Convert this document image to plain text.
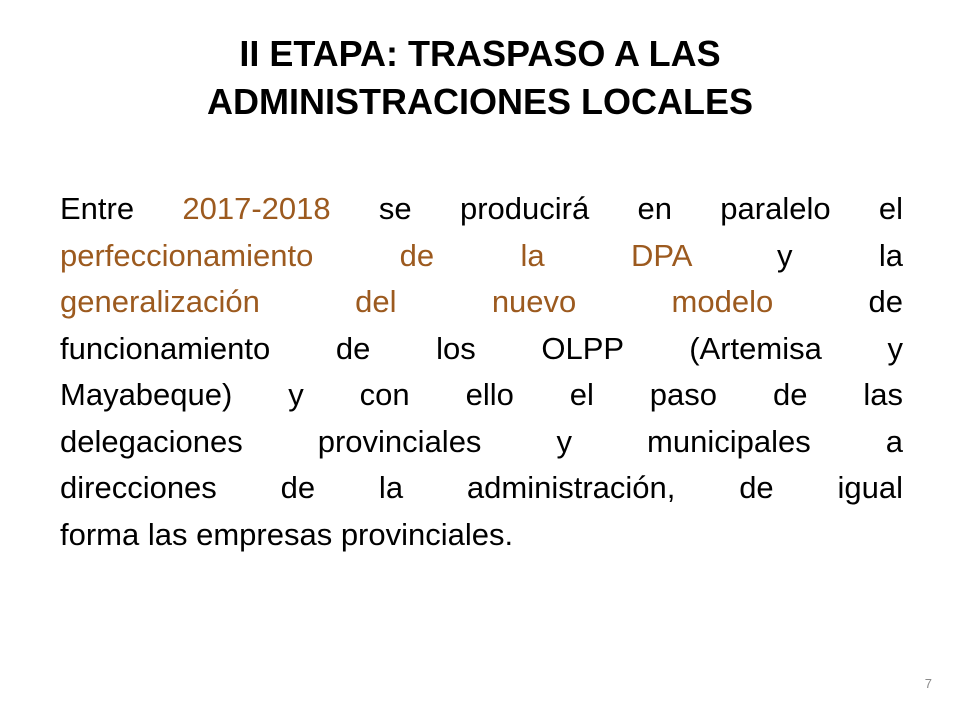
II ETAPA: TRASPASO A LAS
ADMINISTRACIONES LOCALES
Entre 2017-2018 se producirá en paralelo el
perfeccionamiento de la DPA y la
generalización del nuevo modelo de
funcionamiento de los OLPP (Artemisa y
Mayabeque) y con ello el paso de las
delegaciones provinciales y municipales a
direcciones de la administración, de igual
forma las empresas provinciales.
7
